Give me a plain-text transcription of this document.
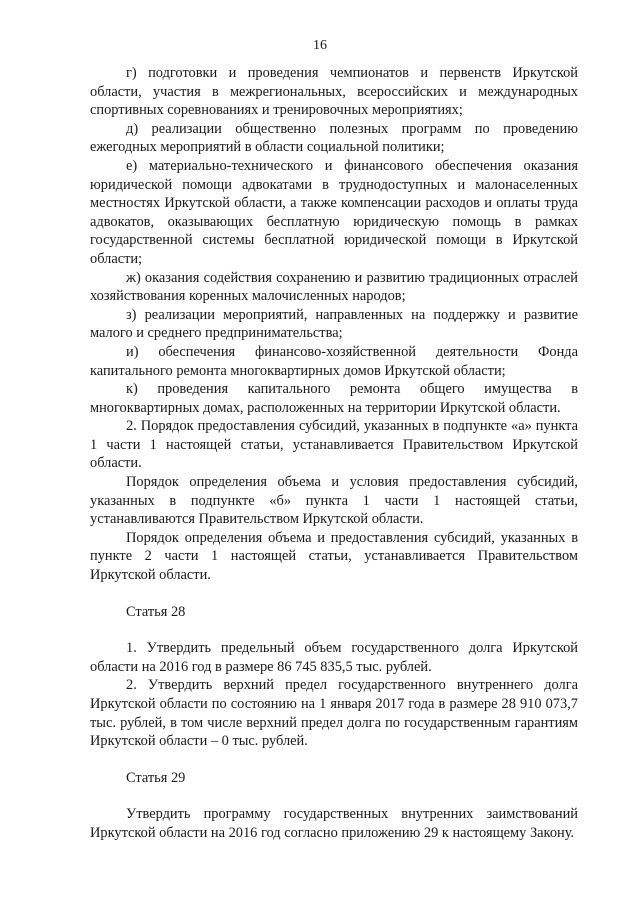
16

г) подготовки и проведения чемпионатов и первенств Иркутской области, участия в межрегиональных, всероссийских и международных спортивных соревнованиях и тренировочных мероприятиях;

д) реализации общественно полезных программ по проведению ежегодных мероприятий в области социальной политики;

е) материально-технического и финансового обеспечения оказания юридической помощи адвокатами в труднодоступных и малонаселенных местностях Иркутской области, а также компенсации расходов и оплаты труда адвокатов, оказывающих бесплатную юридическую помощь в рамках государственной системы бесплатной юридической помощи в Иркутской области;

ж) оказания содействия сохранению и развитию традиционных отраслей хозяйствования коренных малочисленных народов;

з) реализации мероприятий, направленных на поддержку и развитие малого и среднего предпринимательства;

и) обеспечения финансово-хозяйственной деятельности Фонда капитального ремонта многоквартирных домов Иркутской области;

к) проведения капитального ремонта общего имущества в многоквартирных домах, расположенных на территории Иркутской области.

2. Порядок предоставления субсидий, указанных в подпункте «а» пункта 1 части 1 настоящей статьи, устанавливается Правительством Иркутской области.

Порядок определения объема и условия предоставления субсидий, указанных в подпункте «б» пункта 1 части 1 настоящей статьи, устанавливаются Правительством Иркутской области.

Порядок определения объема и предоставления субсидий, указанных в пункте 2 части 1 настоящей статьи, устанавливается Правительством Иркутской области.

Статья 28

1. Утвердить предельный объем государственного долга Иркутской области на 2016 год в размере 86 745 835,5 тыс. рублей.

2. Утвердить верхний предел государственного внутреннего долга Иркутской области по состоянию на 1 января 2017 года в размере 28 910 073,7 тыс. рублей, в том числе верхний предел долга по государственным гарантиям Иркутской области – 0 тыс. рублей.

Статья 29

Утвердить программу государственных внутренних заимствований Иркутской области на 2016 год согласно приложению 29 к настоящему Закону.
